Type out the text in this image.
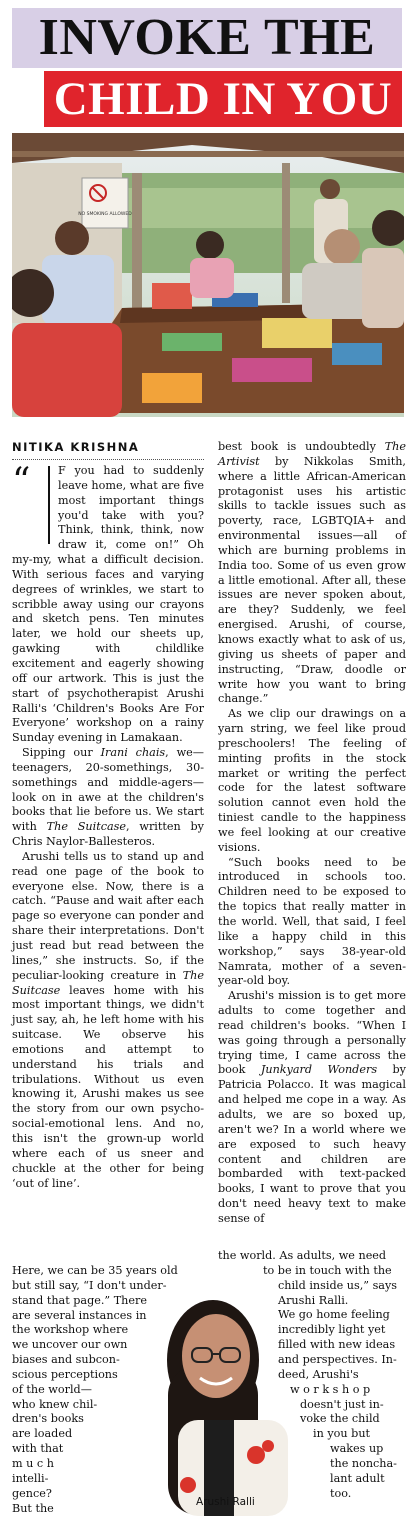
INVOKE THE
CHILD IN YOU
NO SMOKING ALLOWED
NITIKA KRISHNA

“	F you had to suddenly leave home, what are five most important things you'd take with you? Think, think, think, now draw it, come on!” Oh my-my, what a difficult decision. With serious faces and varying degrees of wrinkles, we start to scribble away using our crayons and sketch pens. Ten minutes later, we hold our sheets up, gawking with childlike excitement and eagerly showing off our artwork. This is just the start of psychotherapist Arushi Ralli's ‘Children's Books Are For Everyone’ workshop on a rainy Sunday evening in Lamakaan.

Sipping our Irani chais, we—teenagers, 20-somethings, 30-somethings and middle-agers—look on in awe at the children's books that lie before us. We start with The Suitcase, written by Chris Naylor-Ballesteros.

Arushi tells us to stand up and read one page of the book to everyone else. Now, there is a catch. “Pause and wait after each page so everyone can ponder and share their interpretations. Don't just read but read between the lines,” she instructs. So, if the peculiar-looking creature in The Suitcase leaves home with his most important things, we didn't just say, ah, he left home with his suitcase. We observe his emotions and attempt to understand his trials and tribulations. Without us even knowing it, Arushi makes us see the story from our own psycho-social-emotional lens. And no, this isn't the grown-up world where each of us sneer and chuckle at the other for being ‘out of line’.

Here, we can be 35 years old
but still say, “I don't under-
stand that page.” There
are several instances in
the workshop where
we uncover our own
biases and subcon-
scious perceptions
of the world—
who knew chil-
dren's books
are loaded
with that
m u c h
intelli-
gence?
But the

best book is undoubtedly The Artivist by Nikkolas Smith, where a little African-American protagonist uses his artistic skills to tackle issues such as poverty, race, LGBTQIA+ and environmental issues—all of which are burning problems in India too. Some of us even grow a little emotional. After all, these issues are never spoken about, are they? Suddenly, we feel energised. Arushi, of course, knows exactly what to ask of us, giving us sheets of paper and instructing, “Draw, doodle or write how you want to bring change.”

As we clip our drawings on a yarn string, we feel like proud preschoolers! The feeling of minting profits in the stock market or writing the perfect code for the latest software solution cannot even hold the tiniest candle to the happiness we feel looking at our creative visions.

“Such books need to be introduced in schools too. Children need to be exposed to the topics that really matter in the world. Well, that said, I feel like a happy child in this workshop,” says 38-year-old Namrata, mother of a seven-year-old boy.

Arushi's mission is to get more adults to come together and read children's books. “When I was going through a personally trying time, I came across the book Junkyard Wonders by Patricia Polacco. It was magical and helped me cope in a way. As adults, we are so boxed up, aren't we? In a world where we are exposed to such heavy content and children are bombarded with text-packed books, I want to prove that you don't need heavy text to make sense of

the world. As adults, we need
to be in touch with the
child inside us,” says
Arushi Ralli.
We go home feeling
incredibly light yet
filled with new ideas
and perspectives. In-
deed, Arushi's
w o r k s h o p
doesn't just in-
voke the child
in you but
wakes up
the noncha-
lant adult
too.
Arushi Ralli
